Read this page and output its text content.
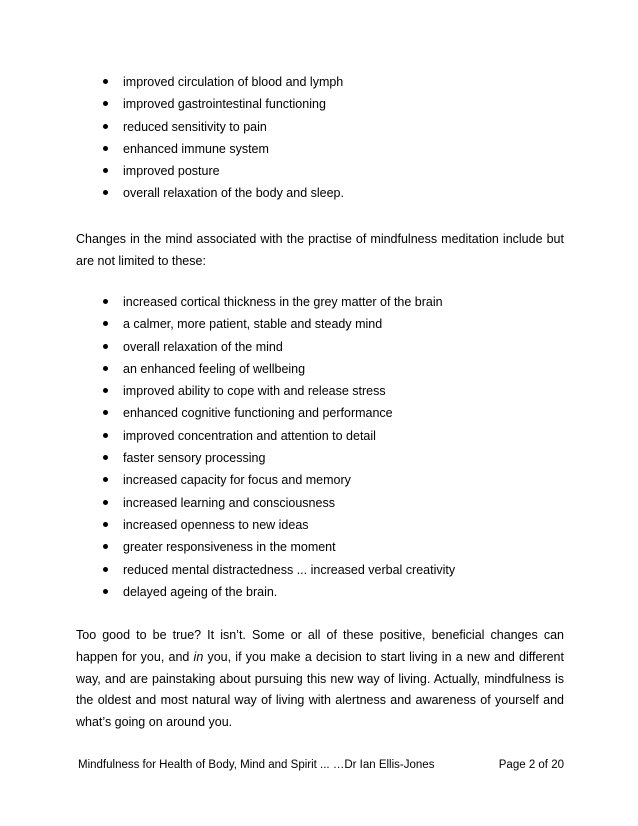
improved circulation of blood and lymph
improved gastrointestinal functioning
reduced sensitivity to pain
enhanced immune system
improved posture
overall relaxation of the body and sleep.

Changes in the mind associated with the practise of mindfulness meditation include but are not limited to these:

increased cortical thickness in the grey matter of the brain
a calmer, more patient, stable and steady mind
overall relaxation of the mind
an enhanced feeling of wellbeing
improved ability to cope with and release stress
enhanced cognitive functioning and performance
improved concentration and attention to detail
faster sensory processing
increased capacity for focus and memory
increased learning and consciousness
increased openness to new ideas
greater responsiveness in the moment
reduced mental distractedness ... increased verbal creativity
delayed ageing of the brain.

Too good to be true? It isn’t. Some or all of these positive, beneficial changes can happen for you, and in you, if you make a decision to start living in a new and different way, and are painstaking about pursuing this new way of living. Actually, mindfulness is the oldest and most natural way of living with alertness and awareness of yourself and what’s going on around you.

Mindfulness for Health of Body, Mind and Spirit ... …Dr Ian Ellis-Jones	Page 2 of 20
